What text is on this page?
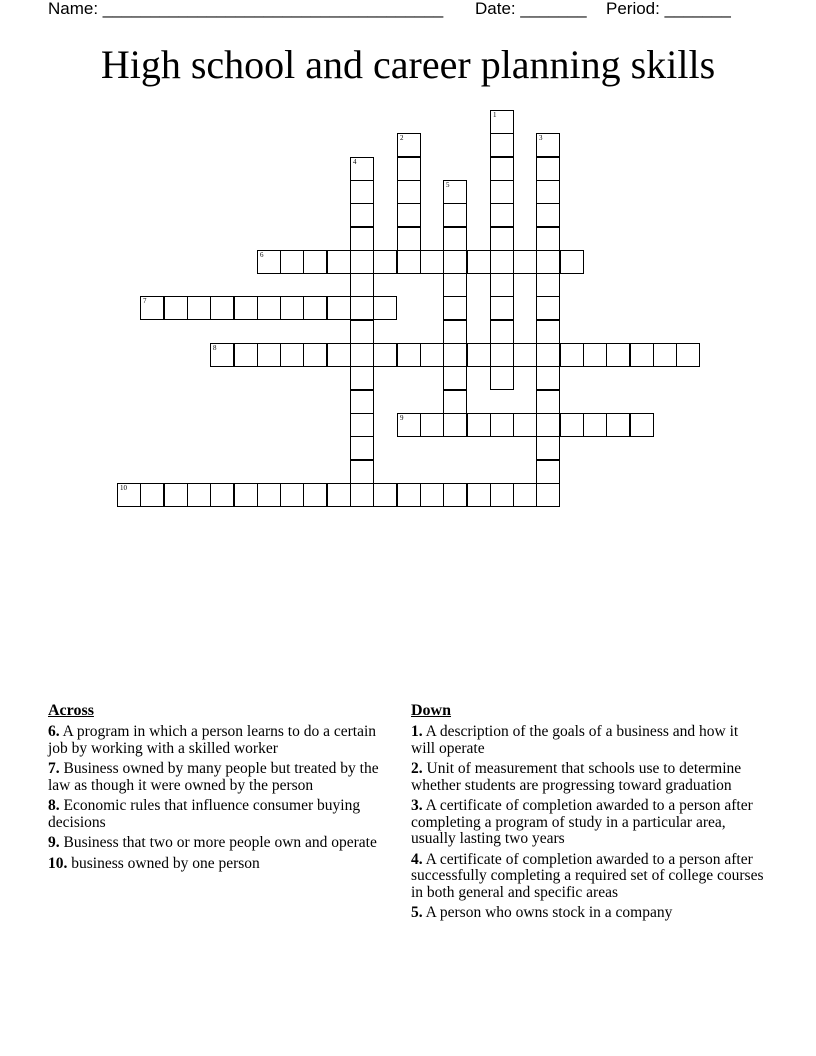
Name: ____________________________________

Date: _______

Period: _______

High school and career planning skills
1
2	3
4
5
6
7
8
9
10
Across
6. A program in which a person learns to do a certain job by working with a skilled worker
7. Business owned by many people but treated by the law as though it were owned by the person
8. Economic rules that influence consumer buying decisions
9. Business that two or more people own and operate
10. business owned by one person
Down
1. A description of the goals of a business and how it will operate
2. Unit of measurement that schools use to determine whether students are progressing toward graduation
3. A certificate of completion awarded to a person after completing a program of study in a particular area, usually lasting two years
4. A certificate of completion awarded to a person after successfully completing a required set of college courses in both general and specific areas
5. A person who owns stock in a company
